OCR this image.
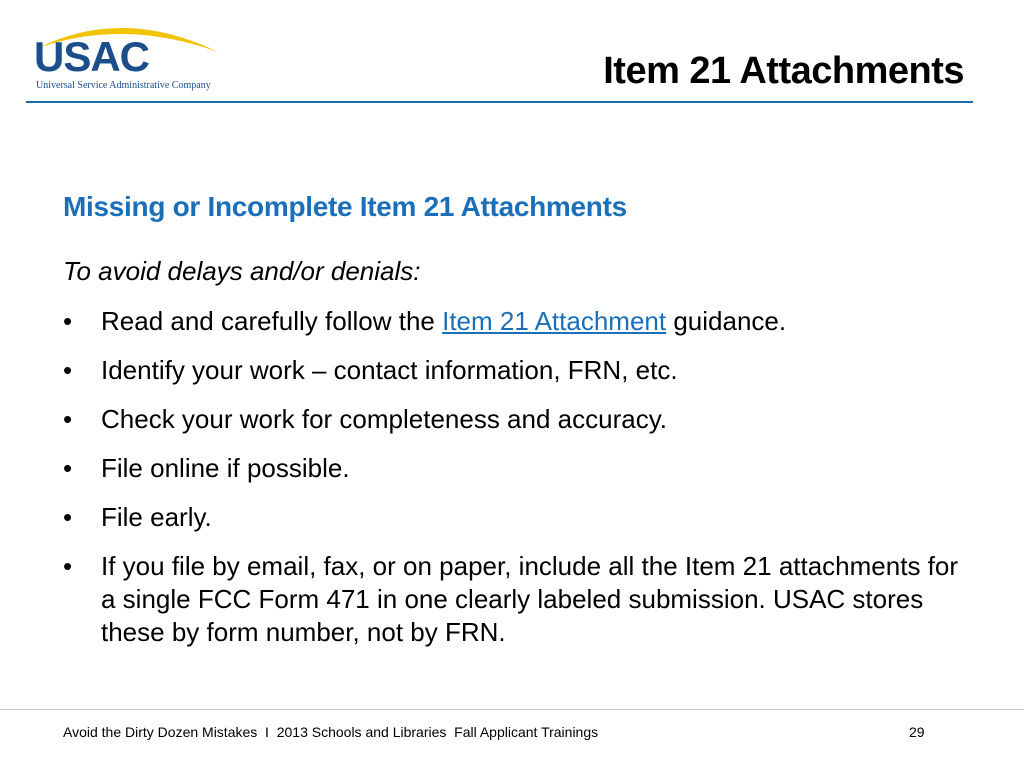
USAC
Universal Service Administrative Company	Item 21 Attachments
Missing or Incomplete Item 21 Attachments
To avoid delays and/or denials:
• Read and carefully follow the Item 21 Attachment guidance.
• Identify your work – contact information, FRN, etc.
• Check your work for completeness and accuracy.
• File online if possible.
• File early.
• If you file by email, fax, or on paper, include all the Item 21 attachments for a single FCC Form 471 in one clearly labeled submission. USAC stores these by form number, not by FRN.
Avoid the Dirty Dozen Mistakes  I  2013 Schools and Libraries  Fall Applicant Trainings	29
